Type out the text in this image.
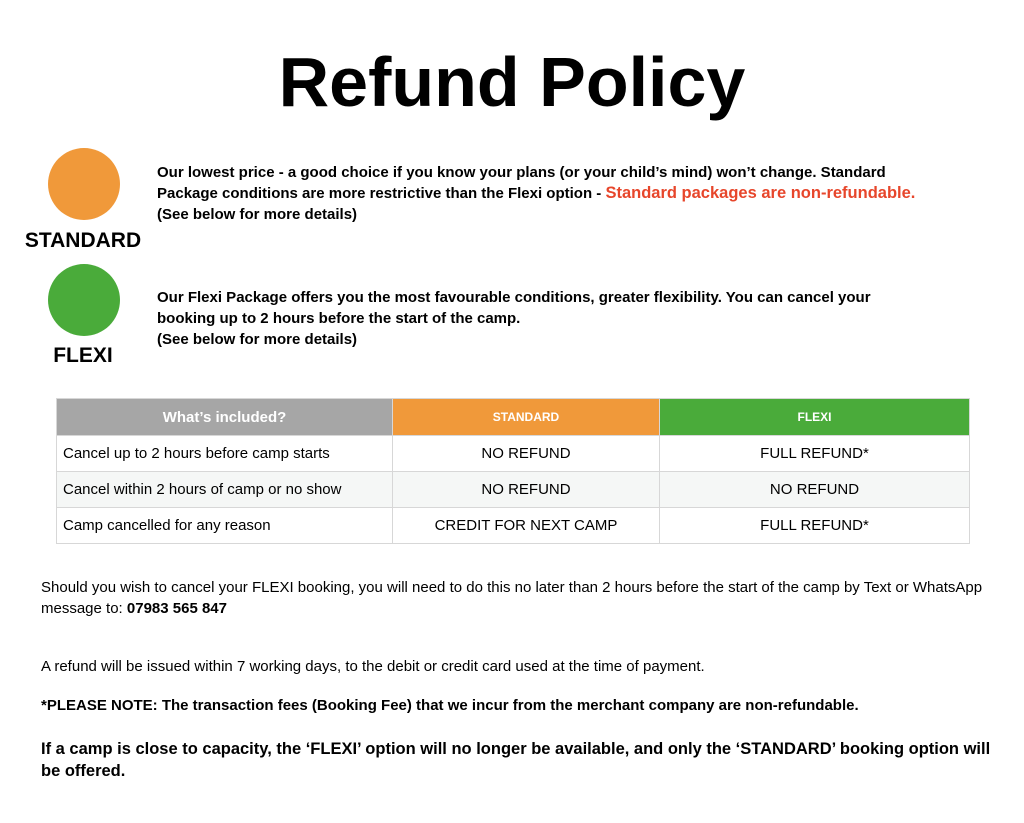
Refund Policy
STANDARD
Our lowest price - a good choice if you know your plans (or your child’s mind) won’t change. Standard
Package conditions are more restrictive than the Flexi option - Standard packages are non-refundable.
(See below for more details)
FLEXI
Our Flexi Package offers you the most favourable conditions, greater flexibility. You can cancel your
booking up to 2 hours before the start of the camp.
(See below for more details)
What’s included?	STANDARD	FLEXI
Cancel up to 2 hours before camp starts	NO REFUND	FULL REFUND*
Cancel within 2 hours of camp or no show	NO REFUND	NO REFUND
Camp cancelled for any reason	CREDIT FOR NEXT CAMP	FULL REFUND*
Should you wish to cancel your FLEXI booking, you will need to do this no later than 2 hours before the start of the camp by Text or WhatsApp message to: 07983 565 847
A refund will be issued within 7 working days, to the debit or credit card used at the time of payment.
*PLEASE NOTE: The transaction fees (Booking Fee) that we incur from the merchant company are non-refundable.
If a camp is close to capacity, the ‘FLEXI’ option will no longer be available, and only the ‘STANDARD’ booking option will be offered.
